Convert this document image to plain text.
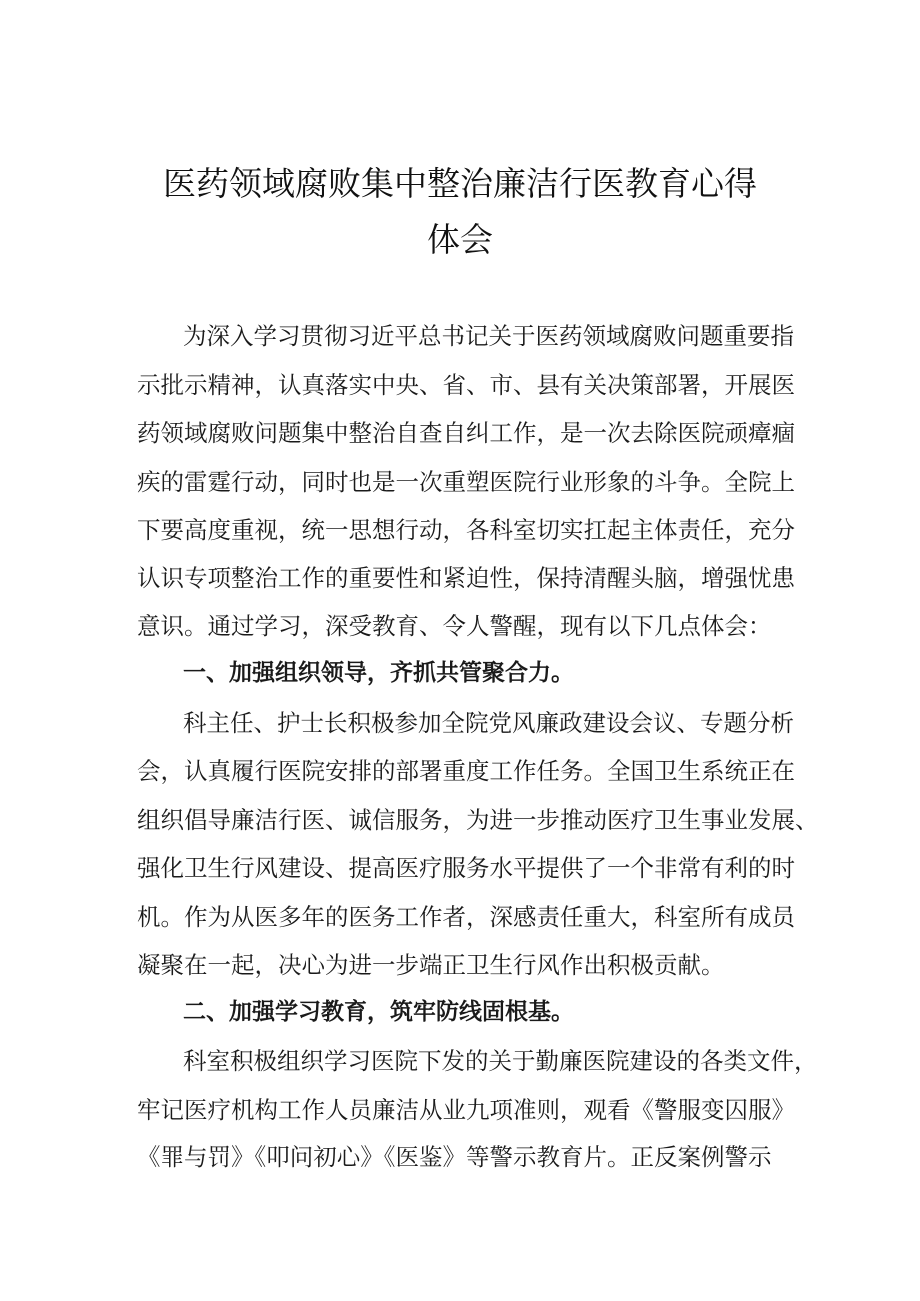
医药领域腐败集中整治廉洁行医教育心得
体会
为深入学习贯彻习近平总书记关于医药领域腐败问题重要指
示批示精神，认真落实中央、省、市、县有关决策部署，开展医
药领域腐败问题集中整治自查自纠工作，是一次去除医院顽瘴痼
疾的雷霆行动，同时也是一次重塑医院行业形象的斗争。全院上
下要高度重视，统一思想行动，各科室切实扛起主体责任，充分
认识专项整治工作的重要性和紧迫性，保持清醒头脑，增强忧患
意识。通过学习，深受教育、令人警醒，现有以下几点体会：
一、加强组织领导，齐抓共管聚合力。
科主任、护士长积极参加全院党风廉政建设会议、专题分析
会，认真履行医院安排的部署重度工作任务。全国卫生系统正在
组织倡导廉洁行医、诚信服务，为进一步推动医疗卫生事业发展、
强化卫生行风建设、提高医疗服务水平提供了一个非常有利的时
机。作为从医多年的医务工作者，深感责任重大，科室所有成员
凝聚在一起，决心为进一步端正卫生行风作出积极贡献。
二、加强学习教育，筑牢防线固根基。
科室积极组织学习医院下发的关于勤廉医院建设的各类文件，
牢记医疗机构工作人员廉洁从业九项准则，观看《警服变囚服》
《罪与罚》《叩问初心》《医鉴》等警示教育片。正反案例警示
